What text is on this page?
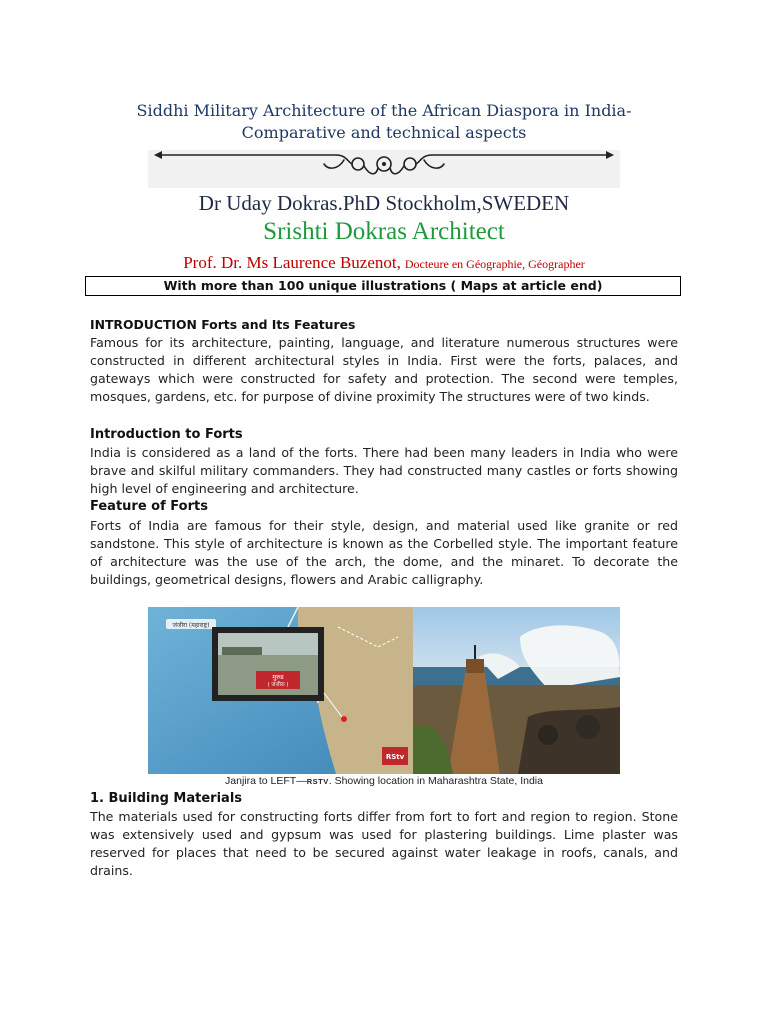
Siddhi Military Architecture of the African Diaspora in India-
Comparative and technical aspects
Dr Uday Dokras.PhD Stockholm,SWEDEN
Srishti Dokras Architect
Prof. Dr. Ms Laurence Buzenot, Docteure en Géographie, Géographer
With more than 100 unique illustrations ( Maps at article end)
INTRODUCTION Forts and Its Features
Famous for its architecture, painting, language, and literature numerous structures were constructed in different architectural styles in India. First were the forts, palaces, and gateways which were constructed for safety and protection. The second were temples, mosques, gardens, etc. for purpose of divine proximity The structures were of two kinds.
Introduction to Forts
India is considered as a land of the forts. There had been many leaders in India who were brave and skilful military commanders. They had constructed many castles or forts showing high level of engineering and architecture.
Feature of Forts
Forts of India are famous for their style, design, and material used like granite or red sandstone. This style of architecture is known as the Corbelled style. The important feature of architecture was the use of the arch, the dome, and the minaret. To decorate the buildings, geometrical designs, flowers and Arabic calligraphy.
जंजीरा (महाराष्ट्र)
मुरुड
( जंजीरा )
RStv
Janjira to LEFT—RSTV. Showing location in Maharashtra State, India
1. Building Materials
The materials used for constructing forts differ from fort to fort and region to region. Stone was extensively used and gypsum was used for plastering buildings. Lime plaster was reserved for places that need to be secured against water leakage in roofs, canals, and drains.
